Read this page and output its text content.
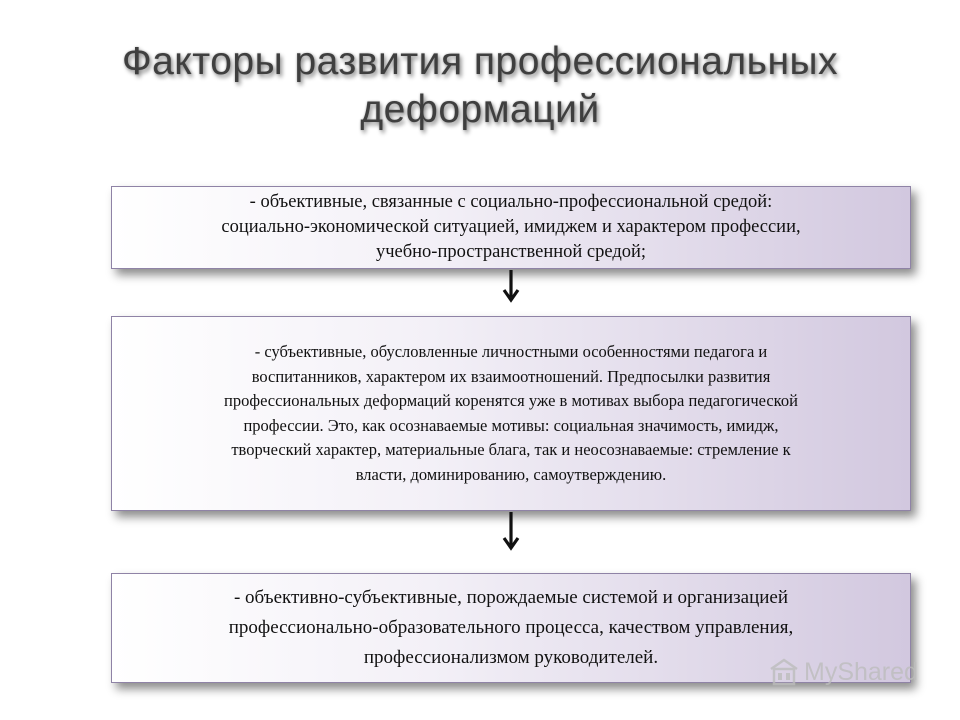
Факторы развития профессиональных
деформаций
- объективные, связанные с социально-профессиональной средой:
социально-экономической ситуацией, имиджем и характером профессии,
учебно-пространственной средой;
- субъективные, обусловленные личностными особенностями педагога и
воспитанников, характером их взаимоотношений. Предпосылки развития
профессиональных деформаций коренятся уже в мотивах выбора педагогической
профессии. Это, как осознаваемые мотивы: социальная значимость, имидж,
творческий характер, материальные блага, так и неосознаваемые: стремление к
власти, доминированию, самоутверждению.
- объективно-субъективные, порождаемые системой и организацией
профессионально-образовательного процесса, качеством управления,
профессионализмом руководителей.	MyShared
